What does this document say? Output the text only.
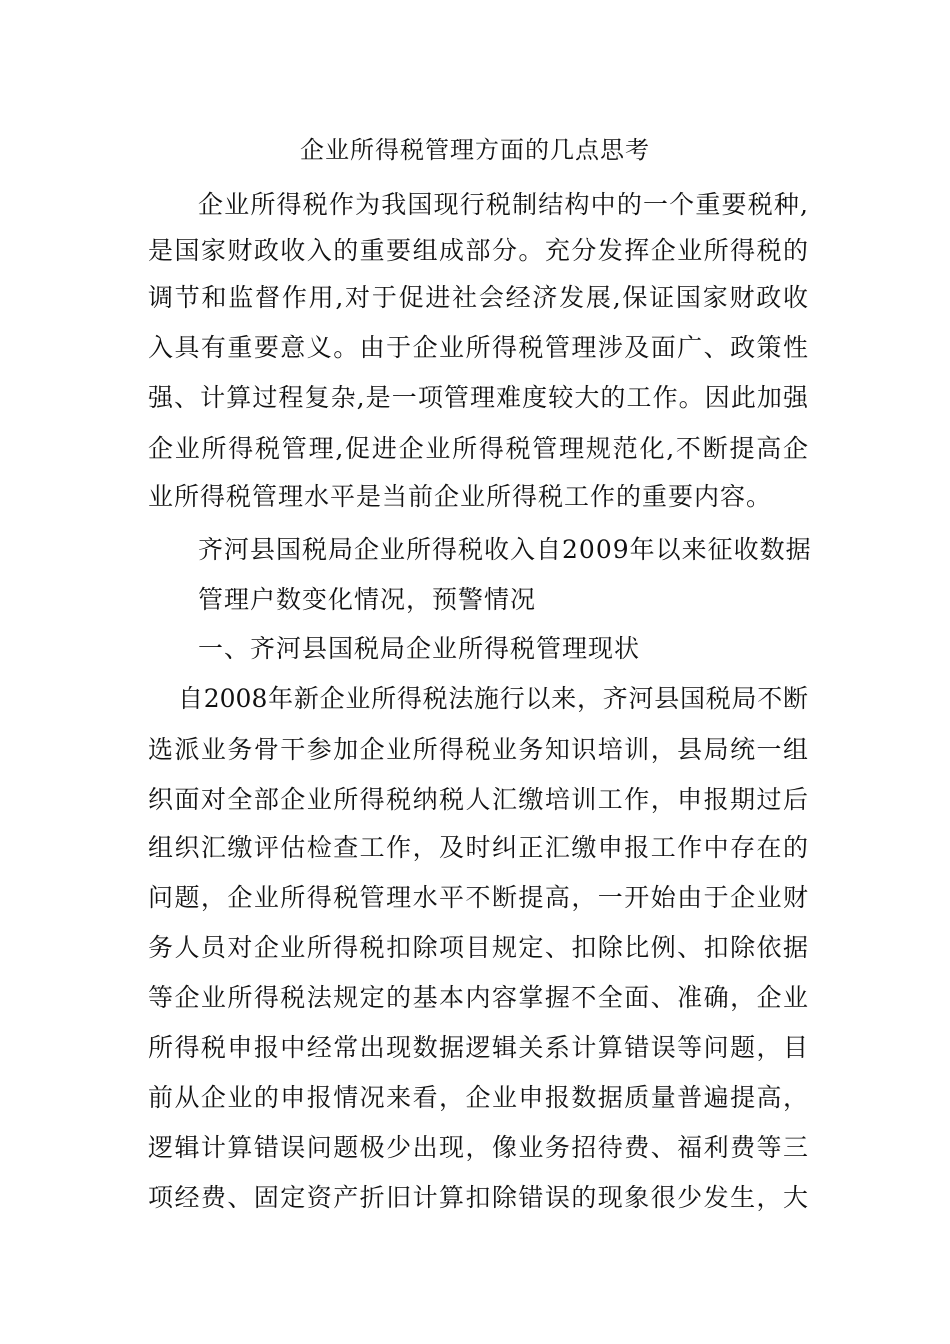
企业所得税管理方面的几点思考
企业所得税作为我国现行税制结构中的一个重要税种,
是国家财政收入的重要组成部分。充分发挥企业所得税的
调节和监督作用,对于促进社会经济发展,保证国家财政收
入具有重要意义。由于企业所得税管理涉及面广、政策性
强、计算过程复杂,是一项管理难度较大的工作。因此加强
企业所得税管理,促进企业所得税管理规范化,不断提高企
业所得税管理水平是当前企业所得税工作的重要内容。
齐河县国税局企业所得税收入自2009年以来征收数据
管理户数变化情况，预警情况
一、齐河县国税局企业所得税管理现状
自2008年新企业所得税法施行以来，齐河县国税局不断
选派业务骨干参加企业所得税业务知识培训，县局统一组
织面对全部企业所得税纳税人汇缴培训工作，申报期过后
组织汇缴评估检查工作，及时纠正汇缴申报工作中存在的
问题，企业所得税管理水平不断提高，一开始由于企业财
务人员对企业所得税扣除项目规定、扣除比例、扣除依据
等企业所得税法规定的基本内容掌握不全面、准确，企业
所得税申报中经常出现数据逻辑关系计算错误等问题，目
前从企业的申报情况来看，企业申报数据质量普遍提高，
逻辑计算错误问题极少出现，像业务招待费、福利费等三
项经费、固定资产折旧计算扣除错误的现象很少发生，大
